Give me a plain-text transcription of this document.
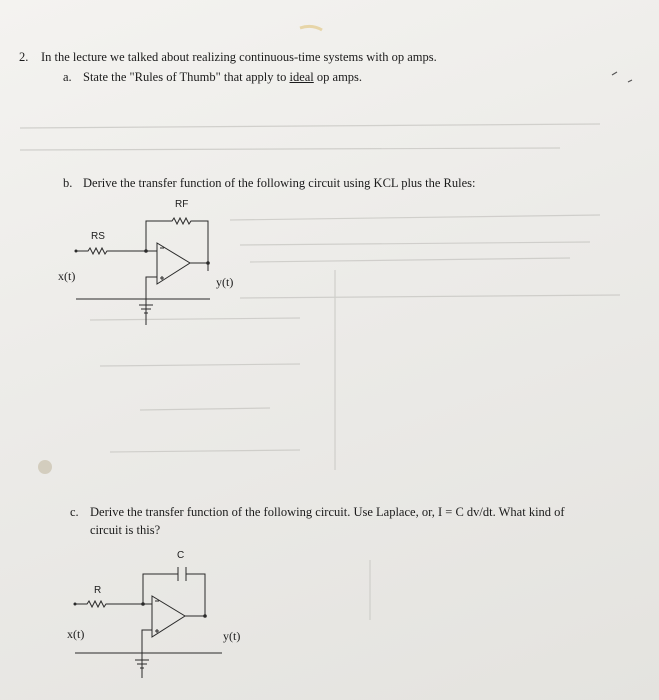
2. In the lecture we talked about realizing continuous-time systems with op amps.
a. State the "Rules of Thumb" that apply to ideal op amps.
b. Derive the transfer function of the following circuit using KCL plus the Rules:
RF
RS
x(t)	y(t)
c. Derive the transfer function of the following circuit. Use Laplace, or, I = C dv/dt. What kind of
circuit is this?
C
R
x(t)	y(t)
